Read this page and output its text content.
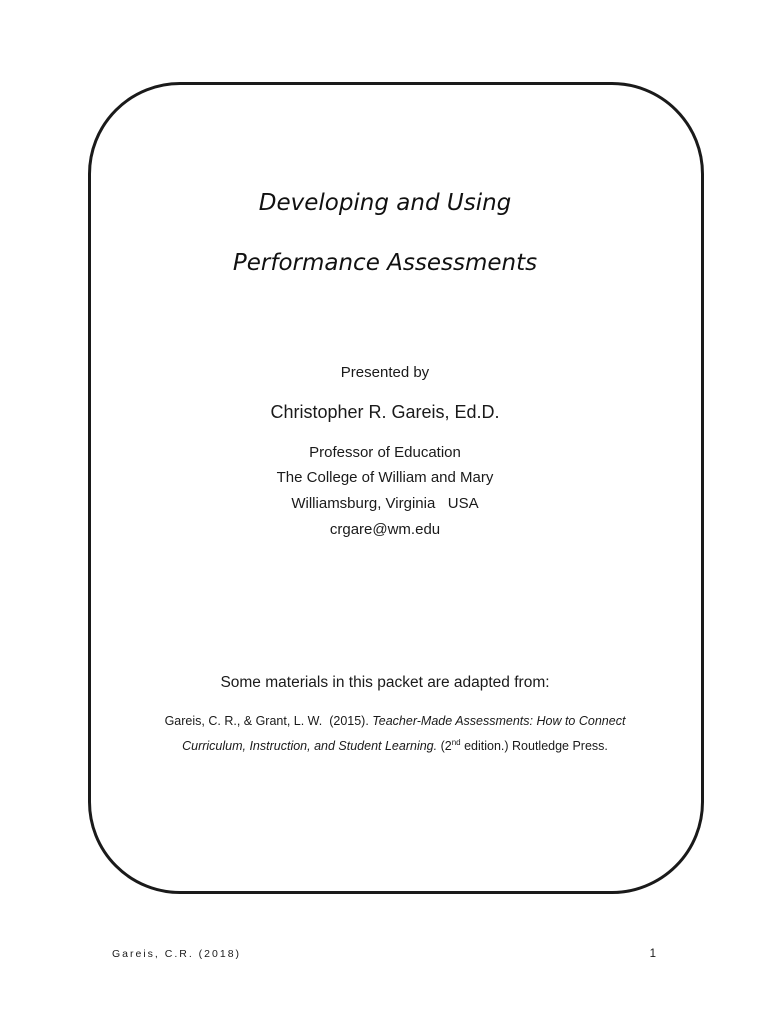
Developing and Using
Performance Assessments
Presented by
Christopher R. Gareis, Ed.D.
Professor of Education
The College of William and Mary
Williamsburg, Virginia   USA
crgare@wm.edu
Some materials in this packet are adapted from:
Gareis, C. R., & Grant, L. W.  (2015). Teacher-Made Assessments: How to Connect
Curriculum, Instruction, and Student Learning. (2nd edition.) Routledge Press.
Gareis, C.R. (2018)	1
